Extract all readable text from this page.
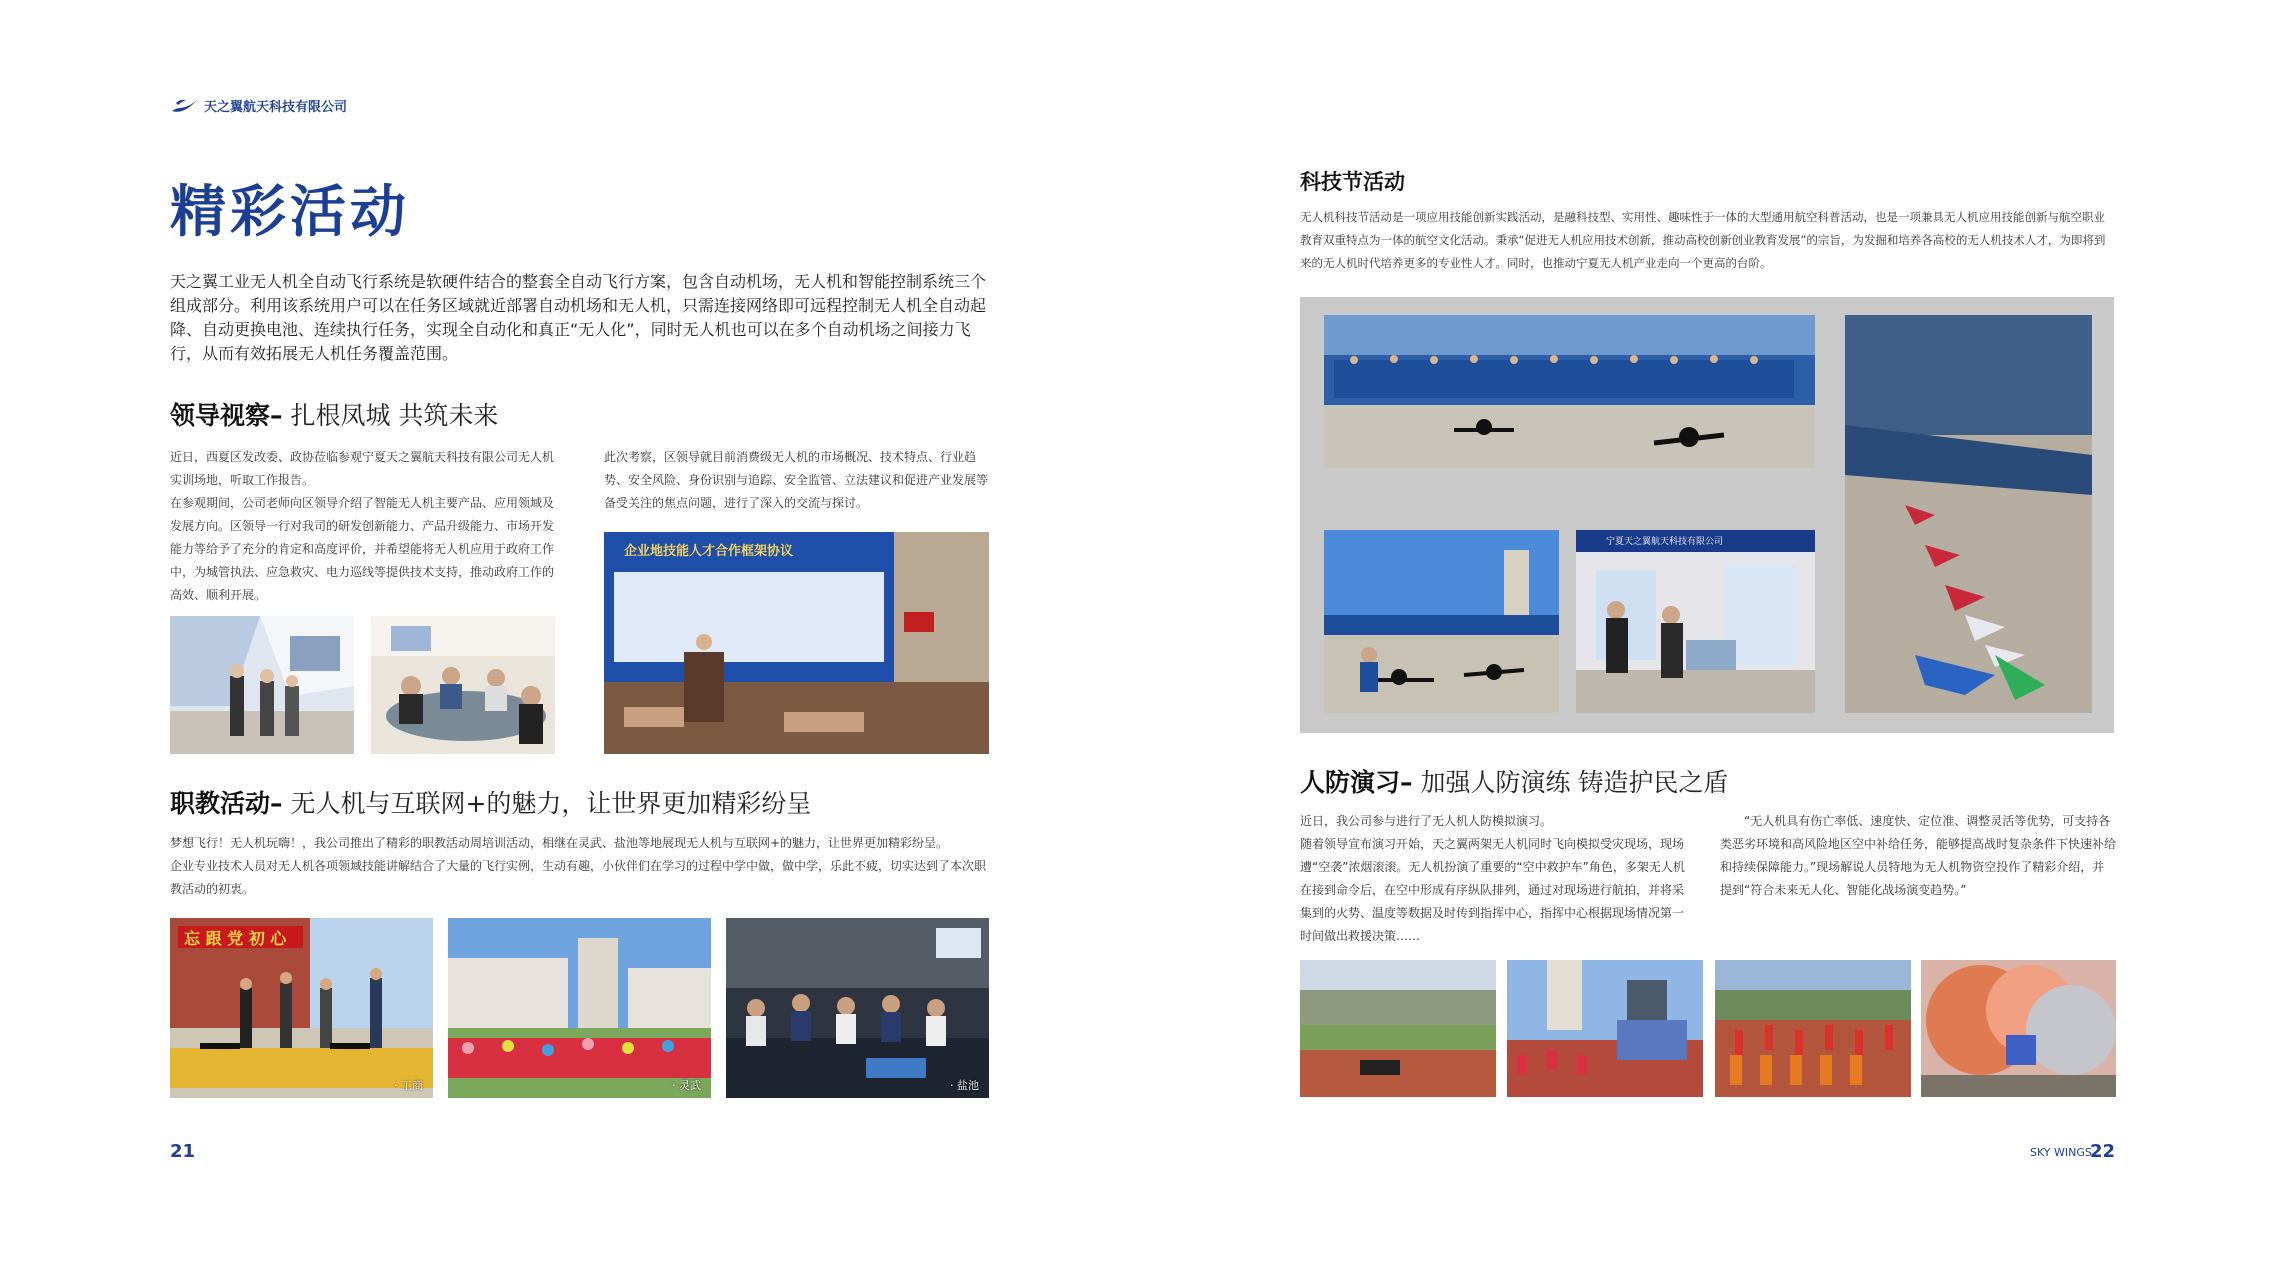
天之翼航天科技有限公司
精彩活动
天之翼工业无人机全自动飞行系统是软硬件结合的整套全自动飞行方案，包含自动机场，无人机和智能控制系统三个组成部分。利用该系统用户可以在任务区域就近部署自动机场和无人机，只需连接网络即可远程控制无人机全自动起降、自动更换电池、连续执行任务，实现全自动化和真正“无人化”，同时无人机也可以在多个自动机场之间接力飞行，从而有效拓展无人机任务覆盖范围。
领导视察– 扎根凤城 共筑未来

近日，西夏区发改委、政协莅临参观宁夏天之翼航天科技有限公司无人机实训场地，听取工作报告。

在参观期间，公司老师向区领导介绍了智能无人机主要产品、应用领域及发展方向。区领导一行对我司的研发创新能力、产品升级能力、市场开发能力等给予了充分的肯定和高度评价，并希望能将无人机应用于政府工作中，为城管执法、应急救灾、电力巡线等提供技术支持，推动政府工作的高效、顺利开展。

此次考察，区领导就目前消费级无人机的市场概况、技术特点、行业趋势、安全风险、身份识别与追踪、安全监管、立法建议和促进产业发展等备受关注的焦点问题，进行了深入的交流与探讨。

企业地技能人才合作框架协议
职教活动– 无人机与互联网+的魅力，让世界更加精彩纷呈

梦想飞行！无人机玩嗨！，我公司推出了精彩的职教活动周培训活动，相继在灵武、盐池等地展现无人机与互联网+的魅力，让世界更加精彩纷呈。

企业专业技术人员对无人机各项领域技能讲解结合了大量的飞行实例，生动有趣，小伙伴们在学习的过程中学中做，做中学，乐此不疲，切实达到了本次职教活动的初衷。

忘 跟 党 初 心
· 工商	· 灵武	· 盐池
21
科技节活动
无人机科技节活动是一项应用技能创新实践活动，是融科技型、实用性、趣味性于一体的大型通用航空科普活动，也是一项兼具无人机应用技能创新与航空职业教育双重特点为一体的航空文化活动。秉承“促进无人机应用技术创新，推动高校创新创业教育发展”的宗旨，为发掘和培养各高校的无人机技术人才，为即将到来的无人机时代培养更多的专业性人才。同时，也推动宁夏无人机产业走向一个更高的台阶。
宁夏天之翼航天科技有限公司
人防演习– 加强人防演练 铸造护民之盾

近日，我公司参与进行了无人机人防模拟演习。

随着领导宣布演习开始，天之翼两架无人机同时飞向模拟受灾现场，现场遭“空袭”浓烟滚滚。无人机扮演了重要的“空中救护车”角色，多架无人机在接到命令后，在空中形成有序纵队排列，通过对现场进行航拍，并将采集到的火势、温度等数据及时传到指挥中心，指挥中心根据现场情况第一时间做出救援决策……

“无人机具有伤亡率低、速度快、定位准、调整灵活等优势，可支持各类恶劣环境和高风险地区空中补给任务，能够提高战时复杂条件下快速补给和持续保障能力。”现场解说人员特地为无人机物资空投作了精彩介绍，并提到“符合未来无人化、智能化战场演变趋势。”

SKY WINGS
22
